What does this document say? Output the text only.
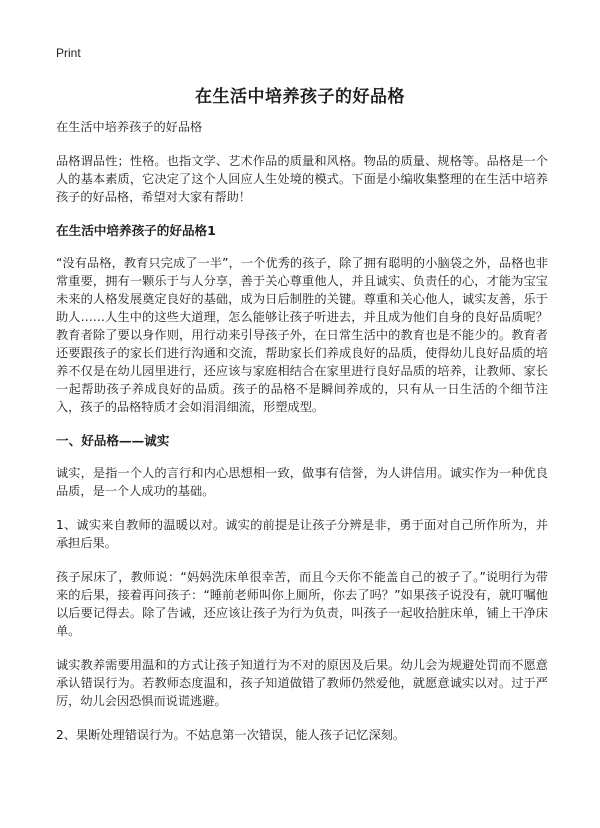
Print
在生活中培养孩子的好品格

在生活中培养孩子的好品格

品格谓品性；性格。也指文学、艺术作品的质量和风格。物品的质量、规格等。品格是一个人的基本素质，它决定了这个人回应人生处境的模式。下面是小编收集整理的在生活中培养孩子的好品格，希望对大家有帮助！

在生活中培养孩子的好品格1

“没有品格，教育只完成了一半”，一个优秀的孩子，除了拥有聪明的小脑袋之外，品格也非常重要，拥有一颗乐于与人分享，善于关心尊重他人，并且诚实、负责任的心，才能为宝宝未来的人格发展奠定良好的基础，成为日后制胜的关键。尊重和关心他人，诚实友善，乐于助人……人生中的这些大道理，怎么能够让孩子听进去，并且成为他们自身的良好品质呢？教育者除了要以身作则，用行动来引导孩子外，在日常生活中的教育也是不能少的。教育者还要跟孩子的家长们进行沟通和交流，帮助家长们养成良好的品质，使得幼儿良好品质的培养不仅是在幼儿园里进行，还应该与家庭相结合在家里进行良好品质的培养，让教师、家长一起帮助孩子养成良好的品质。孩子的品格不是瞬间养成的，只有从一日生活的个细节注入，孩子的品格特质才会如涓涓细流，形塑成型。

一、好品格——诚实

诚实，是指一个人的言行和内心思想相一致，做事有信誉，为人讲信用。诚实作为一种优良品质，是一个人成功的基础。

1、诚实来自教师的温暖以对。诚实的前提是让孩子分辨是非，勇于面对自己所作所为，并承担后果。

孩子尿床了，教师说：“妈妈洗床单很幸苦，而且今天你不能盖自己的被子了。”说明行为带来的后果，接着再问孩子：“睡前老师叫你上厕所，你去了吗？”如果孩子说没有，就叮嘱他以后要记得去。除了告诫，还应该让孩子为行为负责，叫孩子一起收拾脏床单，铺上干净床单。

诚实教养需要用温和的方式让孩子知道行为不对的原因及后果。幼儿会为规避处罚而不愿意承认错误行为。若教师态度温和，孩子知道做错了教师仍然爱他，就愿意诚实以对。过于严厉，幼儿会因恐惧而说谎逃避。

2、果断处理错误行为。不姑息第一次错误，能人孩子记忆深刻。
